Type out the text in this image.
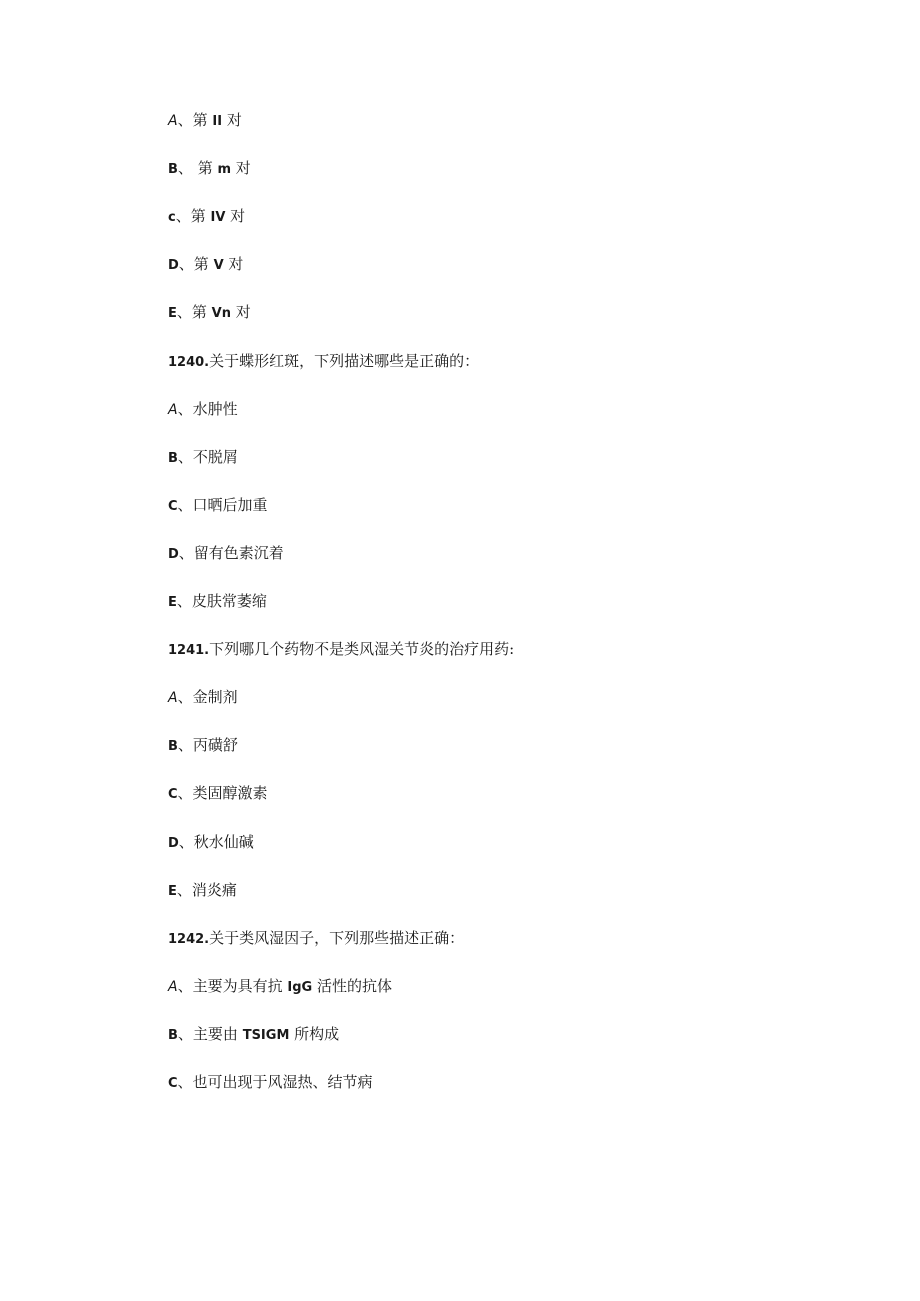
A、第 II 对
B、 第 m 对
c、第 IV 对
D、第 V 对
E、第 Vn 对
1240.关于蝶形红斑，下列描述哪些是正确的：
A、水肿性
B、不脱屑
C、口晒后加重
D、留有色素沉着
E、皮肤常萎缩
1241.下列哪几个药物不是类风湿关节炎的治疗用药:
A、金制剂
B、丙磺舒
C、类固醇激素
D、秋水仙碱
E、消炎痛
1242.关于类风湿因子，下列那些描述正确：
A、主要为具有抗 IgG 活性的抗体
B、主要由 TSIGM 所构成
C、也可出现于风湿热、结节病
